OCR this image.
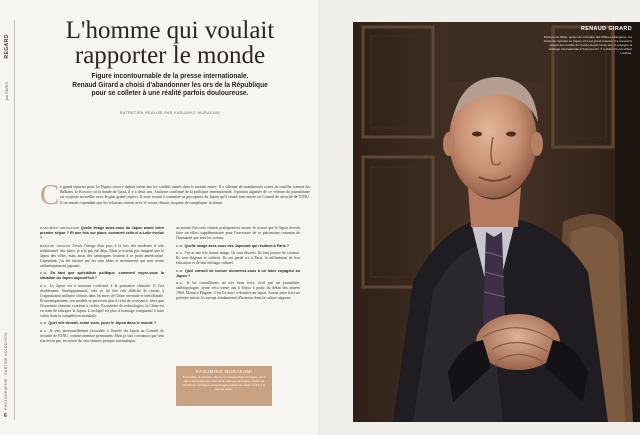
REGARD
pm PARIS
PHOTOGRAPHIE : KARTINE VOLODYSTA
6
L'homme qui voulait rapporter le monde
Figure incontournable de la presse internationale.
Renaud Girard a choisi d'abandonner les ors de la République
pour se colleter à une réalité parfois douloureuse.
ENTRETIEN RÉALISÉ PAR KASUMIKO MURAKAMI
C e grand reporter pour Le Figaro couvre depuis trente ans les conflits armés dans le monde entier. Il a sillonné de nombreuses zones de conflits comme les Balkans, le Kosovo ou la bande de Gaza, il y a deux ans. Analyste confirmé de la politique internationale, l'opinion aiguisée de ce vétéran du journalisme est toujours accueillie avec le plus grand respect. Il nous restait à connaître sa perception du Japon qu'il venait bien entrer au Conseil de sécurité de l'ONU. Il reconnaît cependant que les relations restent avec le voisin chinois risquent de compliquer la donne.

KASUMIKO MURAKAMI Quelle image aviez-vous du Japon avant votre premier séjour ? Et une fois sur place, comment celle-ci a-t-elle évolué ?

RENAUD GIRARD J'avais l'image d'un pays à la fois très moderne et très traditionnel. Sur place, je n'ai pas été déçu. Mais je n'avais pas imaginé que la Japon des villes, mais aussi des campagnes seraient à ce point américanisé. Cependant, j'ai été fasciné par les rues bêtes et monuments qui sont restés authentiquement japonais.

K.M. En tant que spécialiste politique, comment voyez-vous la situation du Japon aujourd'hui ?

R.G. Le Japon est à nouveau confronté à la puissance chinoise. Il l'est doublement. Stratégiquement, cela va lui être très difficile de réussir à l'organisation militaire chinois dans les mers de Chine orientale et méridionale. Économiquement, son modèle se percevait plus à celui de croissance, alors que l'économie chinoise continue à croître. En matière de technologies, la Chine est en train de rattraper le Japon. L'archipel n'a plus d'avantage comparatif à faire valoir dans la compétition mondiale.

K.M. Quel rôle devrait, selon vous, jouer le Japon dans le monde ?

R.G. Je suis personnellement favorable à l'entrée du Japon au Conseil de sécurité de l'ONU, comme membre permanent. Mais je suis convaincu que cela n'arrivera pas, en raison du veto chinois presque automatique.

au moins d'un veto chinois pratiquement assuré. Je trouve que le Japon devrait faire un effort supplémentaire pour l'ouverture de ce patrimoine commun de l'humanité que sont les océans.

K.M. Quelle image avez-vous des Japonais qui résident à Paris ?

R.G. J'en ai une très bonne image. Ils sont discrets. Ils font preuve de civisme. Ils sont élégants et cultivés. Ils ont gardé ici, à Paris, la raffinement de leur éducation et de leur héritage culturel.

K.M. Quel conseil de lecture donneriez-vous à un futur voyageur au Japon ?

R.G. Je lui conseillerais un très beau livre, écrit par un journaliste, anthropologue, ayant vécu trente ans à Tokyo à partir du début des années 1960, Maurice Pinguet. C'est La mort volontaire au Japon. Aucun autre livre ne présente mieux le concept fondamental d'honneur dans la culture nippone.

KASUMIKO MURAKAMI
Journaliste et écrivain, elle est correspondante du Figaro, dont elle a été longtemps chef de la rubrique étrangère. Auteur de nombreux ouvrages et reportages publiés au Japon et dans le monde entier.
RENAUD GIRARD
Diplômé de l'ENA, ancien du ministère des Affaires étrangères, il a choisi de rejoindre Le Figaro où il est grand reporter. Il a couvert la plupart des conflits du monde depuis trente ans. Il enseigne la stratégie internationale à Sciences Po. Il a obtenu le prix Albert Londres.
